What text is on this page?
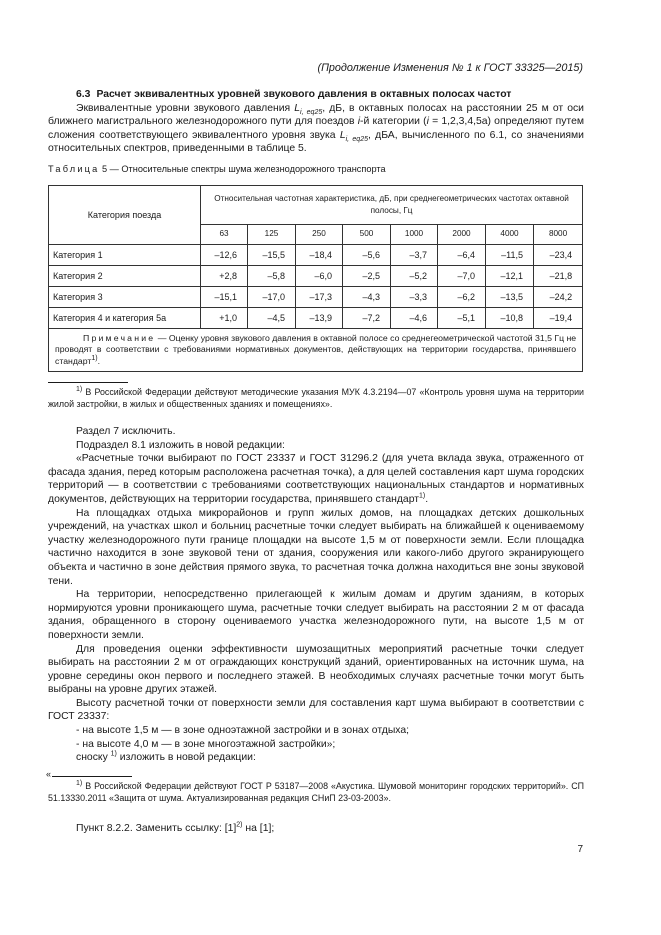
(Продолжение Изменения № 1 к ГОСТ 33325—2015)

6.3 Расчет эквивалентных уровней звукового давления в октавных полосах частот

Эквивалентные уровни звукового давления $L_{i, eq25}$, дБ, в октавных полосах на расстоянии 25 м от оси ближнего магистрального железнодорожного пути для поездов i-й категории (i = 1,2,3,4,5а) определяют путем сложения соответствующего эквивалентного уровня звука $L_{i, eq25}$, дБА, вычисленного по 6.1, со значениями относительных спектров, приведенными в таблице 5.

Таблица 5 — Относительные спектры шума железнодорожного транспорта

Категория поезда	Относительная частотная характеристика, дБ, при среднегеометрических частотах октавной полосы, Гц							
	63	125	250	500	1000	2000	4000	8000
Категория 1	–12,6	–15,5	–18,4	–5,6	–3,7	–6,4	–11,5	–23,4
Категория 2	+2,8	–5,8	–6,0	–2,5	–5,2	–7,0	–12,1	–21,8
Категория 3	–15,1	–17,0	–17,3	–4,3	–3,3	–6,2	–13,5	–24,2
Категория 4 и категория 5а	+1,0	–4,5	–13,9	–7,2	–4,6	–5,1	–10,8	–19,4

Примечание — Оценку уровня звукового давления в октавной полосе со среднегеометрической частотой 31,5 Гц не проводят в соответствии с требованиями нормативных документов, действующих на территории государства, принявшего стандарт$^{1)}$.								

$^{1)}$ В Российской Федерации действуют методические указания МУК 4.3.2194—07 «Контроль уровня шума на территории жилой застройки, в жилых и общественных зданиях и помещениях».

Раздел 7 исключить.

Подраздел 8.1 изложить в новой редакции:

«Расчетные точки выбирают по ГОСТ 23337 и ГОСТ 31296.2 (для учета вклада звука, отраженного от фасада здания, перед которым расположена расчетная точка), а для целей составления карт шума городских территорий — в соответствии с требованиями соответствующих национальных стандартов и нормативных документов, действующих на территории государства, принявшего стандарт$^{1)}$.

На площадках отдыха микрорайонов и групп жилых домов, на площадках детских дошкольных учреждений, на участках школ и больниц расчетные точки следует выбирать на ближайшей к оцениваемому участку железнодорожного пути границе площадки на высоте 1,5 м от поверхности земли. Если площадка частично находится в зоне звуковой тени от здания, сооружения или какого-либо другого экранирующего объекта и частично в зоне действия прямого звука, то расчетная точка должна находиться вне зоны звуковой тени.

На территории, непосредственно прилегающей к жилым домам и другим зданиям, в которых нормируются уровни проникающего шума, расчетные точки следует выбирать на расстоянии 2 м от фасада здания, обращенного в сторону оцениваемого участка железнодорожного пути, на высоте 1,5 м от поверхности земли.

Для проведения оценки эффективности шумозащитных мероприятий расчетные точки следует выбирать на расстоянии 2 м от ограждающих конструкций зданий, ориентированных на источник шума, на уровне середины окон первого и последнего этажей. В необходимых случаях расчетные точки могут быть выбраны на уровне других этажей.

Высоту расчетной точки от поверхности земли для составления карт шума выбирают в соответствии с ГОСТ 23337:

- на высоте 1,5 м — в зоне одноэтажной застройки и в зонах отдыха;

- на высоте 4,0 м — в зоне многоэтажной застройки»;

сноску $^{1)}$ изложить в новой редакции:

«

$^{1)}$ В Российской Федерации действуют ГОСТ Р 53187—2008 «Акустика. Шумовой мониторинг городских территорий». СП 51.13330.2011 «Защита от шума. Актуализированная редакция СНиП 23-03-2003».

Пункт 8.2.2. Заменить ссылку: $[1]^{2)}$ на [1];

7
